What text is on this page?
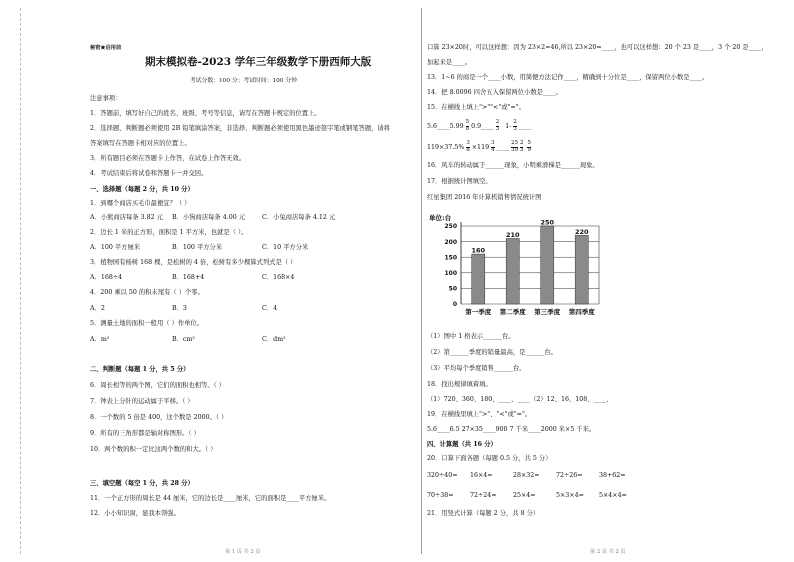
秘密★启用前
期末模拟卷-2023 学年三年级数学下册西师大版
考试分数：100 分；考试时间：100 分钟
注意事项：
1．答题前，填写好自己的姓名、班级、考号等信息，请写在答题卡规定的位置上。
2．选择题、判断题必须使用 2B 铅笔填涂答案，非选择、判断题必须使用黑色墨迹签字笔或钢笔答题，请将
答案填写在答题卡相对应的位置上。
3．所有题目必须在答题卡上作答，在试卷上作答无效。
4．考试结束后将试卷和答题卡一并交回。
一、选择题（每题 2 分，共 10 分）
1．到哪个商店买毛巾最便宜？（ ）
A．小熊商店每条 3.82 元 B．小狗商店每条 4.00 元	C．小兔商店每条 4.12 元
2．边长 1 米的正方形，面积是 1 平方米，也就是（ ）。
A．100 平方厘米	B．100 平方分米	C．10 平方分米
3．植物园有杨树 168 棵，是松树的 4 倍，松树有多少棵算式列式是（ ）
A．168÷4	B．168+4	C．168×4
4．200 乘以 50 的积末尾有（ ）个零。
A．2	B．3	C．4
5．测量土地的面积一般用（ ）作单位。
A．m²	B．cm²	C．dm²
二、判断题（每题 1 分，共 5 分）
6．周长相等的两个图，它们的面积也相等。（ ）
7．钟表上分针的运动属于平移。（ ）
8．一个数的 5 倍是 400，这个数是 2000。（ ）
9．所有的三角形都是轴对称图形。（ ）
10．两个数的积一定比这两个数的和大。（ ）
三、填空题（每空 1 分，共 28 分）
11．一个正方形的周长是 44 厘米，它的边长是____厘米，它的面积是____平方厘米。
12．小小知识窗，显我本领强。
口算 23×20时，可以这样想：因为 23×2=46,所以 23×20=____，也可以这样想：20 个 23 是____，3 个 20 是____，
加起来是____。
13．1~6 的商是一个____小数，用简便方法记作____，精确到十分位是____，保留两位小数是____。
14．把 8.0096 四舍五入保留两位小数是____。
15．在横线上填上">""<"或"="。
5.6____5.99 $\frac{5}{8}$ 0.9____ $\frac{2}{3} 1- \frac{2}{3}$ ____
$119\times 37.5\% \frac{3}{8} \times 119 \frac{3}{4}$ ____ $\frac{25}{39}$
$\frac{2}{3}$
$\frac{5}{9}$
16．风车的转动属于______现象，小明乘滑梯是______现象。
17．根据统计图填空。
红星集团 2016 年计算机销售情况统计图
单位:台
0
50
100
150
200
250
160
第一季度
210
第二季度
250
第三季度
220
第四季度
（1）图中 1 格表示______台。
（2）第______季度的销量最高，是______台。
（3）平均每个季度销售______台。
18．找出规律填着填。
（1）720、360、180、____、____（2）12、16、108、____、
19．在横线里填上">"、"<"或"="。
5.6____6.5 27×35____900 7 千米____2000 米×5 千米。
四、计算题（共 16 分）
20．口算下面各题（每题 0.5 分，共 5 分）
320÷40= 16×4=	28×32=	72÷26=	38+62=
70÷38=	72÷24=	25×4=	5×3×4= 5×4×4=
21．用竖式计算（每题 2 分，共 8 分）
第 1 页 共 2 页	第 2 页 共 2 页
